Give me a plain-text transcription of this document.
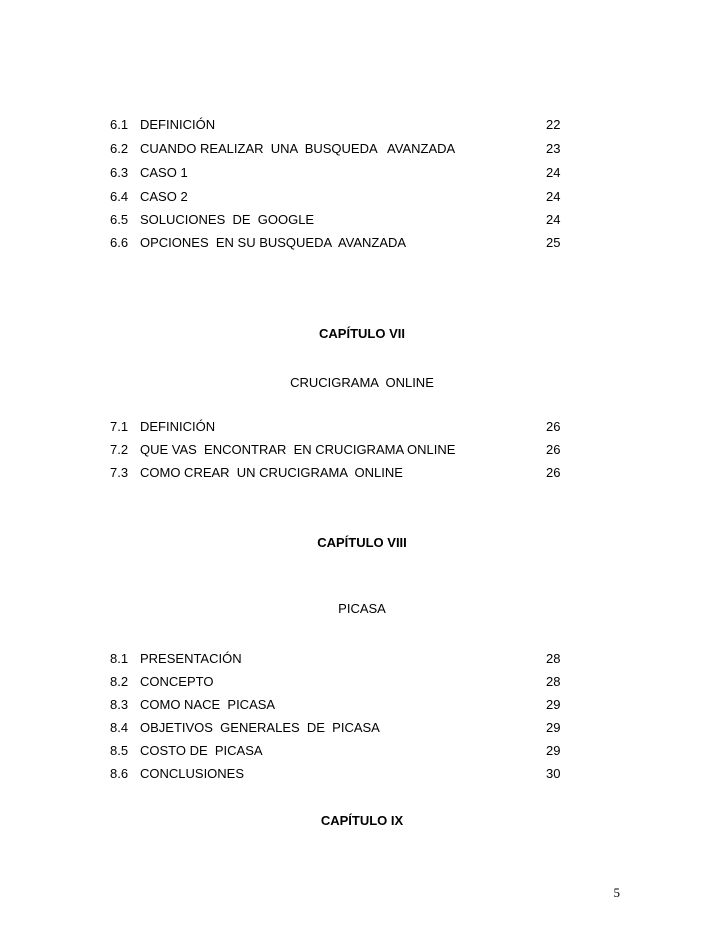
6.1 DEFINICIÓN	22
6.2 CUANDO REALIZAR  UNA  BUSQUEDA   AVANZADA	23
6.3 CASO 1	24
6.4 CASO 2	24
6.5 SOLUCIONES  DE  GOOGLE	24
6.6 OPCIONES  EN SU BUSQUEDA  AVANZADA	25
CAPÍTULO VII
CRUCIGRAMA  ONLINE
7.1 DEFINICIÓN	26
7.2 QUE VAS  ENCONTRAR  EN CRUCIGRAMA ONLINE	26
7.3 COMO CREAR  UN CRUCIGRAMA  ONLINE	26
CAPÍTULO VIII
PICASA
8.1 PRESENTACIÓN	28
8.2 CONCEPTO	28
8.3 COMO NACE  PICASA	29
8.4 OBJETIVOS  GENERALES  DE  PICASA	29
8.5 COSTO DE  PICASA	29
8.6 CONCLUSIONES	30
CAPÍTULO IX
5
